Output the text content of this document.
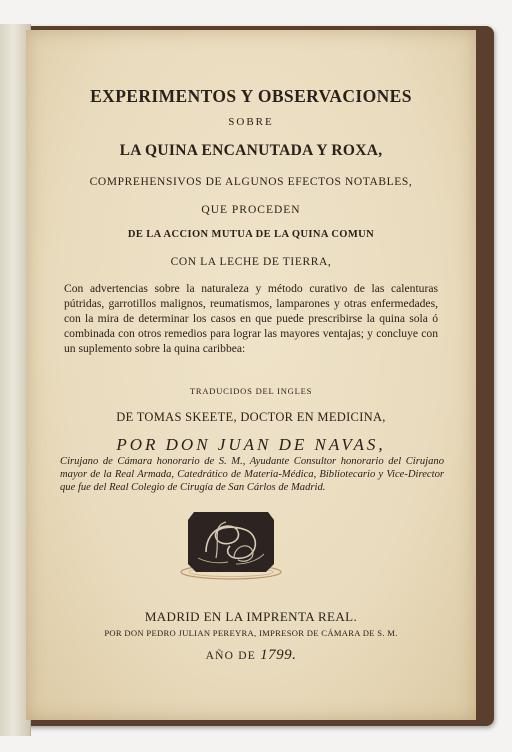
EXPERIMENTOS Y OBSERVACIONES
SOBRE
LA QUINA ENCANUTADA Y ROXA,
COMPREHENSIVOS DE ALGUNOS EFECTOS NOTABLES,
QUE PROCEDEN
DE LA ACCION MUTUA DE LA QUINA COMUN
CON LA LECHE DE TIERRA,

Con advertencias sobre la naturaleza y método curativo de las calenturas pútridas, garrotillos malignos, reumatismos, lamparones y otras enfermedades, con la mira de determinar los casos en que puede prescribirse la quina sola ó combinada con otros remedios para lograr las mayores ventajas; y concluye con un suplemento sobre la quina caribbea:

TRADUCIDOS DEL INGLES
DE TOMAS SKEETE, DOCTOR EN MEDICINA,
POR DON JUAN DE NAVAS,

Cirujano de Cámara honorario de S. M., Ayudante Consultor honorario del Cirujano mayor de la Real Armada, Catedrático de Materia-Médica, Bibliotecario y Vice-Director que fue del Real Colegio de Cirugía de San Cárlos de Madrid.

MADRID EN LA IMPRENTA REAL.
POR DON PEDRO JULIAN PEREYRA, IMPRESOR DE CÁMARA DE S. M.
AÑO DE 1799.
